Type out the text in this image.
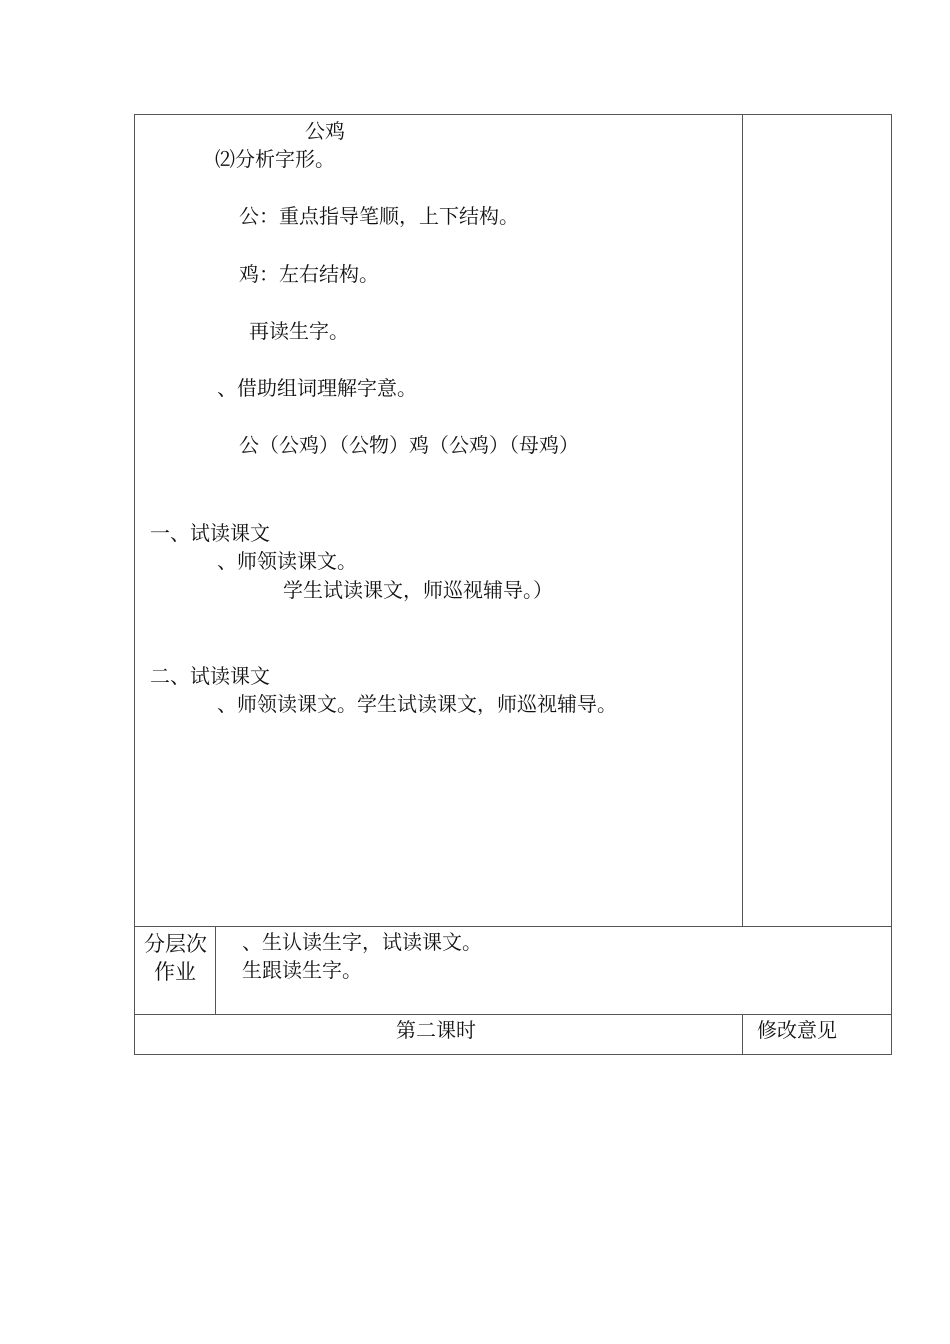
公鸡
⑵分析字形。
公：重点指导笔顺，上下结构。
鸡：左右结构。
再读生字。
、借助组词理解字意。
公（公鸡）（公物）鸡（公鸡）（母鸡）
一、试读课文
、师领读课文。
学生试读课文，师巡视辅导。）
二、试读课文
、师领读课文。学生试读课文，师巡视辅导。
分层次
作业
、生认读生字，试读课文。
生跟读生字。
第二课时	修改意见
